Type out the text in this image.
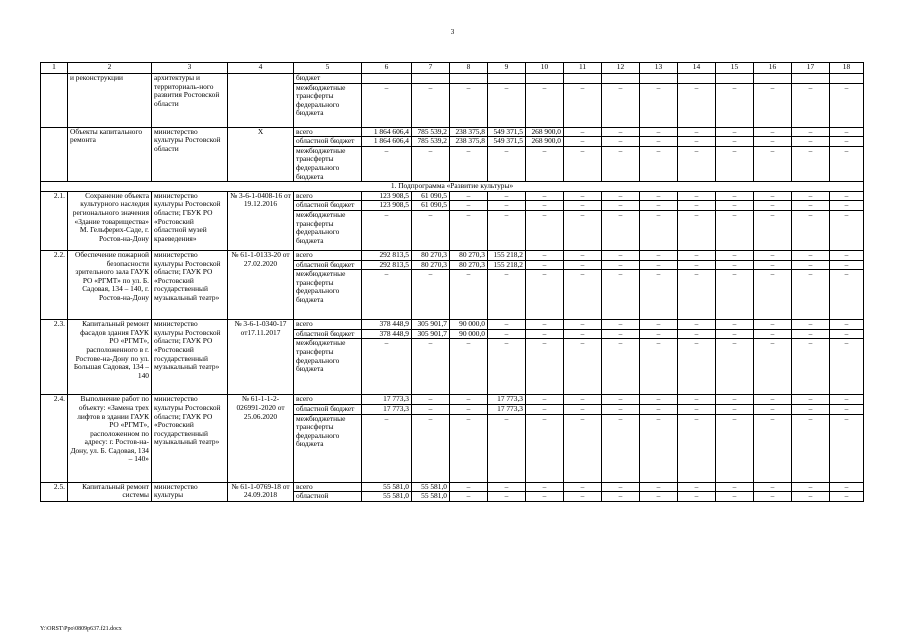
3
1	2	3	4	5	6	7	8	9	10	11	12	13	14	15	16	17	18
	и реконструкции	архитектуры и территориаль-ного развития Ростовской области		бюджет													
				межбюджетные трансферты федерального бюджета	–	–	–	–	–	–	–	–	–	–	–	–	–
	Объекты капитального ремонта	министерство культуры Ростовской области	Х	всего	1 864 606,4	785 539,2	238 375,8	549 371,5	268 900,0	–	–	–	–	–	–	–	–
				областной бюджет	1 864 606,4	785 539,2	238 375,8	549 371,5	268 900,0	–	–	–	–	–	–	–	–
				межбюджетные трансферты федерального бюджета	–	–	–	–	–	–	–	–	–	–	–	–	–
1. Подпрограмма «Развитие культуры»																	
2.1.	Сохранение объекта культурного наследия регионального значения «Здание товарищества» М. Гельфериx-Саде, г. Ростов-на-Дону	министерство культуры Ростовской области; ГБУК РО «Ростовский областной музей краеведения»	№ 3-6-1-0408-16 от 19.12.2016	всего	123 908,5	61 090,5	–	–	–	–	–	–	–	–	–	–	–
				областной бюджет	123 908,5	61 090,5	–	–	–	–	–	–	–	–	–	–	–
				межбюджетные трансферты федерального бюджета	–	–	–	–	–	–	–	–	–	–	–	–	–
2.2.	Обеспечение пожарной безопасности зрительного зала ГАУК РО «РГМТ» по ул. Б. Садовая, 134 – 140, г. Ростов-на-Дону	министерство культуры Ростовской области; ГАУК РО «Ростовский государственный музыкальный театр»	№ 61-1-0133-20 от 27.02.2020	всего	292 813,5	80 270,3	80 270,3	155 218,2	–	–	–	–	–	–	–	–	–
				областной бюджет	292 813,5	80 270,3	80 270,3	155 218,2	–	–	–	–	–	–	–	–	–
				межбюджетные трансферты федерального бюджета	–	–	–	–	–	–	–	–	–	–	–	–	–
2.3.	Капитальный ремонт фасадов здания ГАУК РО «РГМТ», расположенного в г. Ростове-на-Дону по ул. Большая Садовая, 134 – 140	министерство культуры Ростовской области; ГАУК РО «Ростовский государственный музыкальный театр»	№ 3-6-1-0340-17 от17.11.2017	всего	378 448,9	305 901,7	90 000,0	–	–	–	–	–	–	–	–	–	–
				областной бюджет	378 448,9	305 901,7	90 000,0	–	–	–	–	–	–	–	–	–	–
				межбюджетные трансферты федерального бюджета	–	–	–	–	–	–	–	–	–	–	–	–	–
2.4.	Выполнение работ по объекту: «Замена трех лифтов в здании ГАУК РО «РГМТ», расположенном по адресу: г. Ростов-на-Дону, ул. Б. Садовая, 134 – 140»	министерство культуры Ростовской области; ГАУК РО «Ростовский государственный музыкальный театр»	№ 61-1-1-2-026991-2020 от 25.06.2020	всего	17 773,3	–	–	17 773,3	–	–	–	–	–	–	–	–	–
				областной бюджет	17 773,3	–	–	17 773,3	–	–	–	–	–	–	–	–	–
				межбюджетные трансферты федерального бюджета	–	–	–	–	–	–	–	–	–	–	–	–	–
2.5.	Капитальный ремонт системы	министерство культуры	№ 61-1-0769-18 от 24.09.2018	всего	55 581,0	55 581,0	–	–	–	–	–	–	–	–	–	–	–
				областной	55 581,0	55 581,0	–	–	–	–	–	–	–	–	–	–	–
Y:\ORST\Ppo\0809p637.f21.docx
